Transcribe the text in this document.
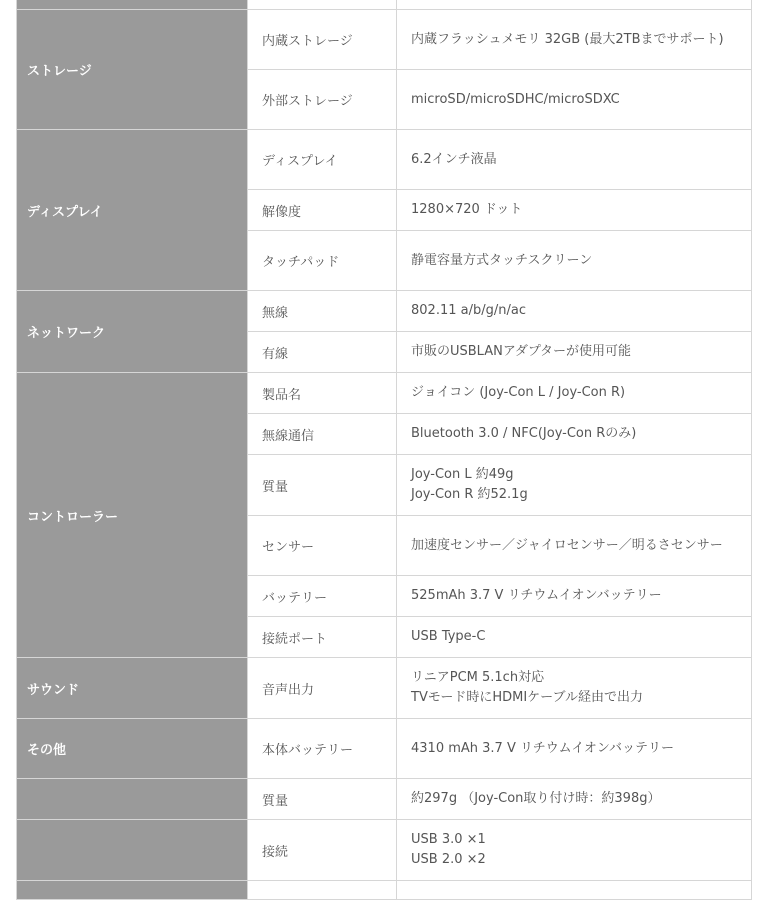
ストレージ	内蔵ストレージ	内蔵フラッシュメモリ 32GB (最大2TBまでサポート)

	外部ストレージ	microSD/microSDHC/microSDXC

ディスプレイ	ディスプレイ	6.2インチ液晶

	解像度	1280×720 ドット

	タッチパッド	静電容量方式タッチスクリーン

ネットワーク	無線	802.11 a/b/g/n/ac

	有線	市販のUSBLANアダプターが使用可能

コントローラー	製品名	ジョイコン (Joy-Con L / Joy-Con R)

	無線通信	Bluetooth 3.0 / NFC(Joy-Con Rのみ)

	質量	Joy-Con L 約49g
Joy-Con R 約52.1g

	センサー	加速度センサー／ジャイロセンサー／明るさセンサー

	バッテリー	525mAh 3.7 V リチウムイオンバッテリー

	接続ポート	USB Type-C

サウンド	音声出力	リニアPCM 5.1ch対応
TVモード時にHDMIケーブル経由で出力

その他	本体バッテリー	4310 mAh 3.7 V リチウムイオンバッテリー

	質量	約297g （Joy-Con取り付け時：約398g）

	接続	USB 3.0 ×1
USB 2.0 ×2
